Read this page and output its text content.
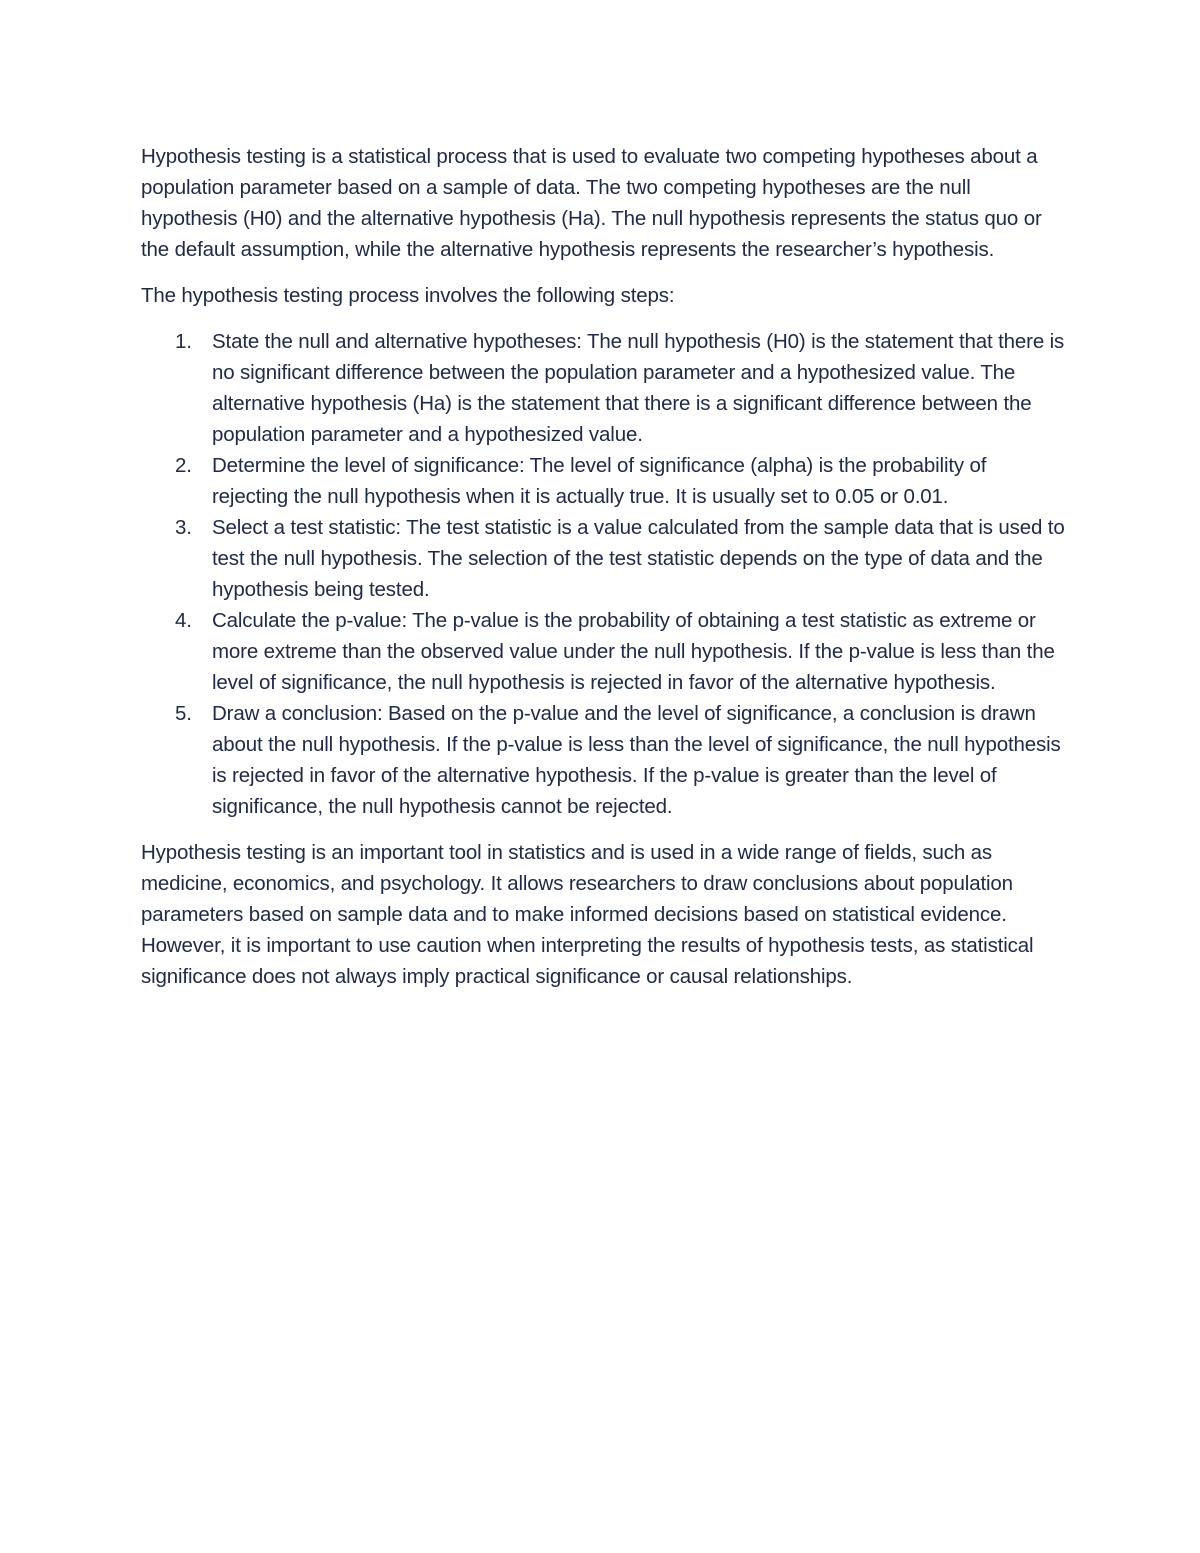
Hypothesis testing is a statistical process that is used to evaluate two competing hypotheses about a population parameter based on a sample of data. The two competing hypotheses are the null hypothesis (H0) and the alternative hypothesis (Ha). The null hypothesis represents the status quo or the default assumption, while the alternative hypothesis represents the researcher’s hypothesis.

The hypothesis testing process involves the following steps:

1. State the null and alternative hypotheses: The null hypothesis (H0) is the statement that there is no significant difference between the population parameter and a hypothesized value. The alternative hypothesis (Ha) is the statement that there is a significant difference between the population parameter and a hypothesized value.
2. Determine the level of significance: The level of significance (alpha) is the probability of rejecting the null hypothesis when it is actually true. It is usually set to 0.05 or 0.01.
3. Select a test statistic: The test statistic is a value calculated from the sample data that is used to test the null hypothesis. The selection of the test statistic depends on the type of data and the hypothesis being tested.
4. Calculate the p-value: The p-value is the probability of obtaining a test statistic as extreme or more extreme than the observed value under the null hypothesis. If the p-value is less than the level of significance, the null hypothesis is rejected in favor of the alternative hypothesis.
5. Draw a conclusion: Based on the p-value and the level of significance, a conclusion is drawn about the null hypothesis. If the p-value is less than the level of significance, the null hypothesis is rejected in favor of the alternative hypothesis. If the p-value is greater than the level of significance, the null hypothesis cannot be rejected.

Hypothesis testing is an important tool in statistics and is used in a wide range of fields, such as medicine, economics, and psychology. It allows researchers to draw conclusions about population parameters based on sample data and to make informed decisions based on statistical evidence. However, it is important to use caution when interpreting the results of hypothesis tests, as statistical significance does not always imply practical significance or causal relationships.
